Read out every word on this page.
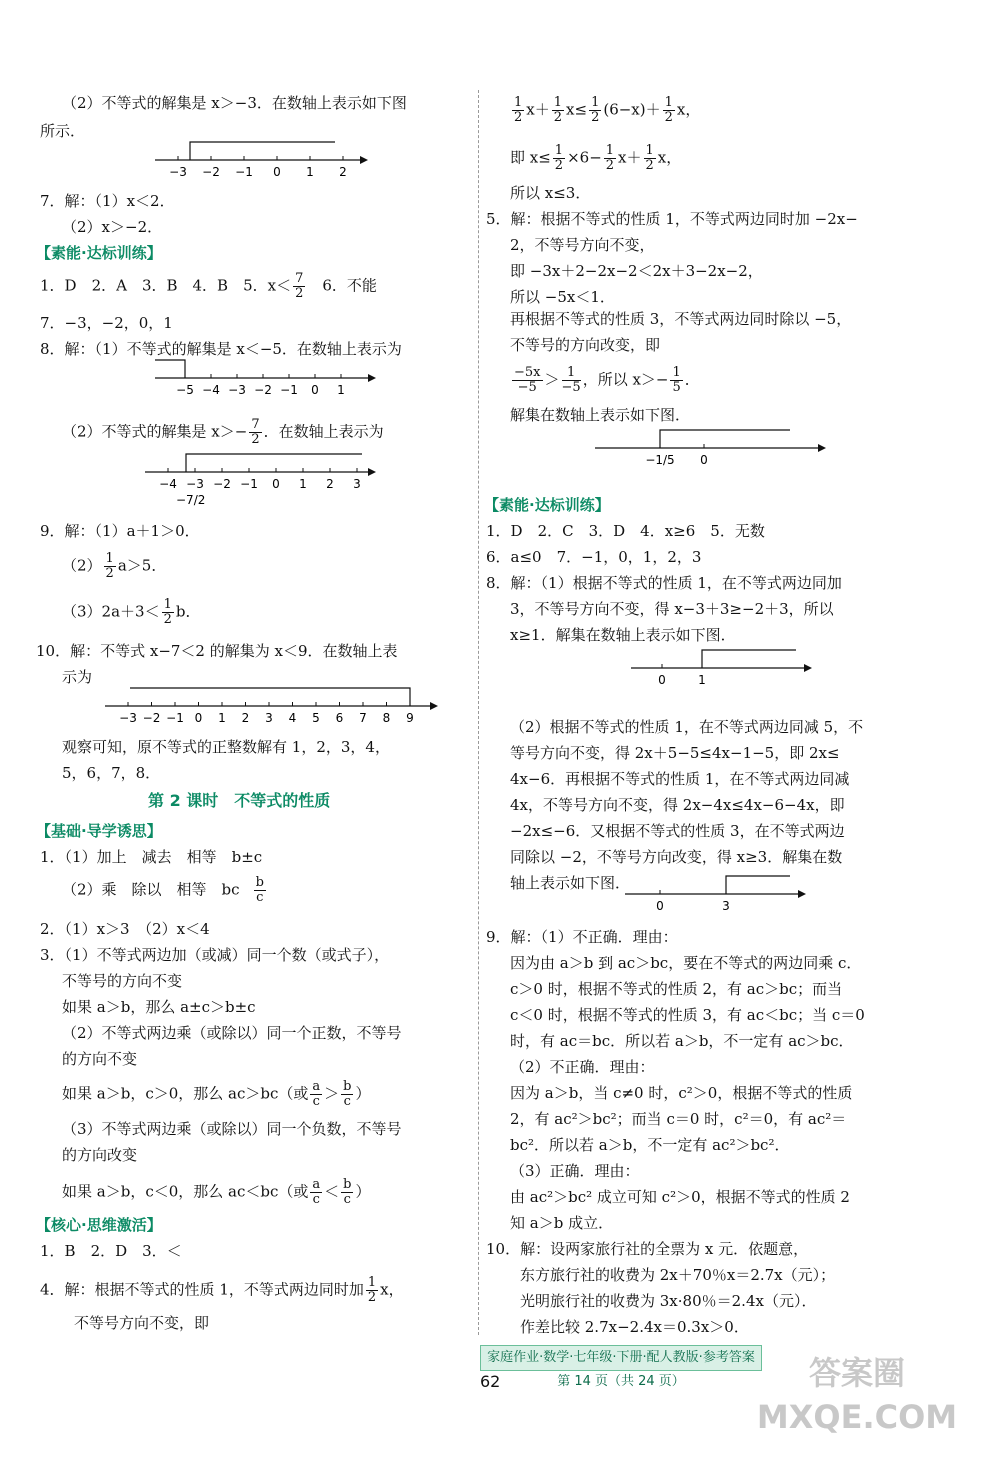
（2）不等式的解集是 x＞−3．在数轴上表示如下图
所示．
−3 −2 −1 0 1 2
7．解：（1）x＜2．
（2）x＞−2．
【素能·达标训练】
1．D　2．A　3．B　4．B　5．$x< \frac{7}{2}$ 　6．不能
7．−3，−2，0，1
8．解：（1）不等式的解集是 x＜−5．在数轴上表示为
−5 −4 −3 −2 −1 0 1
（2）不等式的解集是 $x>- \frac{7}{2}$ ．在数轴上表示为
−4 −3 −2 −1 0 1 2 3
−7/2
9．解：（1）a＋1＞0．
$(2) \frac{1}{2} a>5$．
$(3)2a+3< \frac{1}{2}$ b．
10．解：不等式 x−7＜2 的解集为 x＜9．在数轴上表
示为
−3 −2 −1 0 1 2 3 4 5 6 7 8 9
观察可知，原不等式的正整数解有 1，2，3，4，
5，6，7，8．
第 2 课时　不等式的性质
【基础·导学诱思】
1．（1）加上　减去　相等　b±c
（2）乘　除以　相等　bc $\frac{b}{c}$
2．（1）x＞3　（2）x＜4
3．（1）不等式两边加（或减）同一个数（或式子），
不等号的方向不变
如果 a＞b，那么 a±c＞b±c
（2）不等式两边乘（或除以）同一个正数，不等号
的方向不变
如果 a＞b，c＞0，那么 ac＞bc（或 $\frac{a}{c} > \frac{b}{c}$ ）
（3）不等式两边乘（或除以）同一个负数，不等号
的方向改变
如果 a＞b，c＜0，那么 ac＜bc（或 $\frac{a}{c} < \frac{b}{c}$ ）
【核心·思维激活】
1．B　2．D　3．＜
4．解：根据不等式的性质 1，不等式两边同时加 $\frac{1}{2}$ x，
不等号方向不变，即
$\frac{1}{2} x+ \frac{1}{2} x\le \frac{1}{2} (6-x)+ \frac{1}{2}$ x，
即 $x\le \frac{1}{2} \times 6- \frac{1}{2} x+ \frac{1}{2}$ x，
所以 x≤3．
5．解：根据不等式的性质 1，不等式两边同时加 −2x−
2，不等号方向不变，
即 −3x＋2−2x−2＜2x＋3−2x−2，
所以 −5x＜1．
再根据不等式的性质 3，不等式两边同时除以 −5，
不等号的方向改变，即
$\frac{-5x}{-5} > \frac{1}{-5}$ ，所以 $x>- \frac{1}{5}$ ．
解集在数轴上表示如下图．
−1/5 0
【素能·达标训练】
1．D　2．C　3．D　4．x≥6　5．无数
6．a≤0　7．−1，0，1，2，3
8．解：（1）根据不等式的性质 1，在不等式两边同加
3，不等号方向不变，得 x−3＋3≥−2＋3，所以
x≥1．解集在数轴上表示如下图．
0	1
（2）根据不等式的性质 1，在不等式两边同减 5，不
等号方向不变，得 2x＋5−5≤4x−1−5，即 2x≤
4x−6．再根据不等式的性质 1，在不等式两边同减
4x，不等号方向不变，得 2x−4x≤4x−6−4x，即
−2x≤−6．又根据不等式的性质 3，在不等式两边
同除以 −2，不等号方向改变，得 x≥3．解集在数
轴上表示如下图．
0	3
9．解：（1）不正确．理由：
因为由 a＞b 到 ac＞bc，要在不等式的两边同乘 c．
c＞0 时，根据不等式的性质 2，有 ac＞bc；而当
c＜0 时，根据不等式的性质 3，有 ac＜bc；当 c＝0
时，有 ac＝bc．所以若 a＞b，不一定有 ac＞bc．
（2）不正确．理由：
因为 a＞b，当 c≠0 时，c²＞0，根据不等式的性质
2，有 ac²＞bc²；而当 c＝0 时，c²＝0，有 ac²＝
bc²．所以若 a＞b，不一定有 ac²＞bc²．
（3）正确．理由：
由 ac²＞bc² 成立可知 c²＞0，根据不等式的性质 2
知 a＞b 成立．
10．解：设两家旅行社的全票为 x 元．依题意，
东方旅行社的收费为 2x＋70％x＝2.7x（元）；
光明旅行社的收费为 3x·80％＝2.4x（元）．
作差比较 2.7x−2.4x＝0.3x＞0．
家庭作业·数学·七年级·下册·配人教版·参考答案　第 14 页（共 24 页）
62	答案圈 MXQE.COM
